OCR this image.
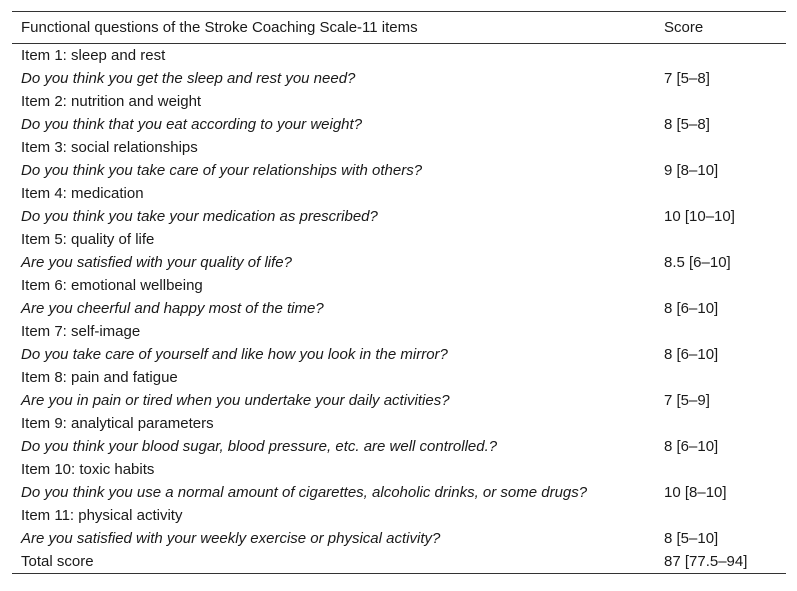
Functional questions of the Stroke Coaching Scale-11 items	Score
Item 1: sleep and rest
Do you think you get the sleep and rest you need?	7 [5–8]
Item 2: nutrition and weight
Do you think that you eat according to your weight?	8 [5–8]
Item 3: social relationships
Do you think you take care of your relationships with others?	9 [8–10]
Item 4: medication
Do you think you take your medication as prescribed?	10 [10–10]
Item 5: quality of life
Are you satisfied with your quality of life?	8.5 [6–10]
Item 6: emotional wellbeing
Are you cheerful and happy most of the time?	8 [6–10]
Item 7: self-image
Do you take care of yourself and like how you look in the mirror?	8 [6–10]
Item 8: pain and fatigue
Are you in pain or tired when you undertake your daily activities?	7 [5–9]
Item 9: analytical parameters
Do you think your blood sugar, blood pressure, etc. are well controlled.?	8 [6–10]
Item 10: toxic habits
Do you think you use a normal amount of cigarettes, alcoholic drinks, or some drugs?	10 [8–10]
Item 11: physical activity
Are you satisfied with your weekly exercise or physical activity?	8 [5–10]
Total score	87 [77.5–94]
